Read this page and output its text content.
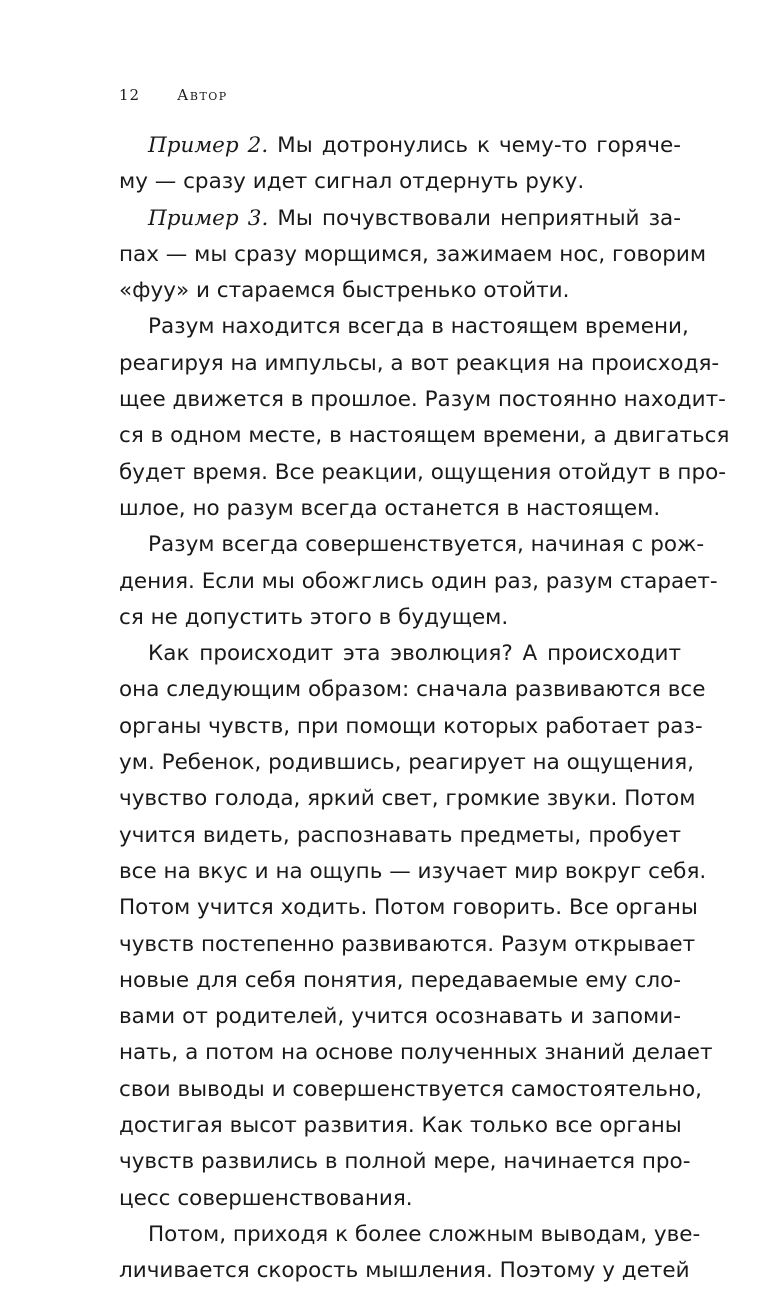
12 Автор
Пример 2. Мы дотронулись к чему-то горяче-
му — сразу идет сигнал отдернуть руку.
Пример 3. Мы почувствовали неприятный за-
пах — мы сразу морщимся, зажимаем нос, говорим
«фуу» и стараемся быстренько отойти.
Разум находится всегда в настоящем времени,
реагируя на импульсы, а вот реакция на происходя-
щее движется в прошлое. Разум постоянно находит-
ся в одном месте, в настоящем времени, а двигаться
будет время. Все реакции, ощущения отойдут в про-
шлое, но разум всегда останется в настоящем.
Разум всегда совершенствуется, начиная с рож-
дения. Если мы обожглись один раз, разум старает-
ся не допустить этого в будущем.
Как происходит эта эволюция? А происходит
она следующим образом: сначала развиваются все
органы чувств, при помощи которых работает раз-
ум. Ребенок, родившись, реагирует на ощущения,
чувство голода, яркий свет, громкие звуки. Потом
учится видеть, распознавать предметы, пробует
все на вкус и на ощупь — изучает мир вокруг себя.
Потом учится ходить. Потом говорить. Все органы
чувств постепенно развиваются. Разум открывает
новые для себя понятия, передаваемые ему сло-
вами от родителей, учится осознавать и запоми-
нать, а потом на основе полученных знаний делает
свои выводы и совершенствуется самостоятельно,
достигая высот развития. Как только все органы
чувств развились в полной мере, начинается про-
цесс совершенствования.
Потом, приходя к более сложным выводам, уве-
личивается скорость мышления. Поэтому у детей
